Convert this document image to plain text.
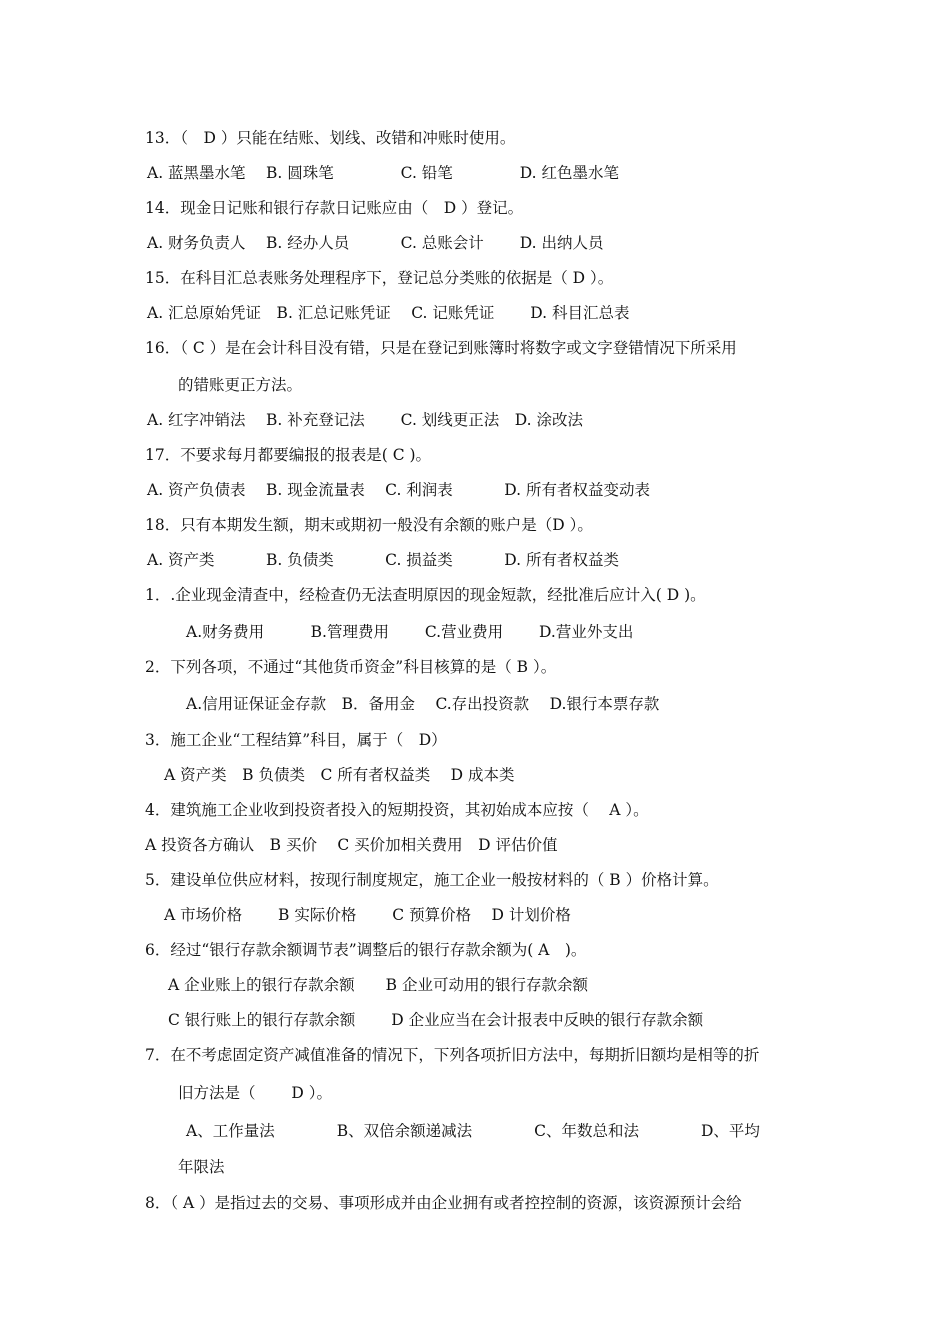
13．（　D ）只能在结账、划线、改错和冲账时使用。

A. 蓝黑墨水笔　 B. 圆珠笔　　　　 C. 铅笔　　　　 D. 红色墨水笔

14．现金日记账和银行存款日记账应由（　D ）登记。

A. 财务负责人　 B. 经办人员　　　 C. 总账会计　　 D. 出纳人员

15．在科目汇总表账务处理程序下，登记总分类账的依据是（ D ）。

A. 汇总原始凭证　B. 汇总记账凭证　 C. 记账凭证　　 D. 科目汇总表

16．（ C ）是在会计科目没有错，只是在登记到账簿时将数字或文字登错情况下所采用

的错账更正方法。

A. 红字冲销法　 B. 补充登记法　　 C. 划线更正法　D. 涂改法

17．不要求每月都要编报的报表是( C )。

A. 资产负债表　 B. 现金流量表　 C. 利润表　　　 D. 所有者权益变动表

18．只有本期发生额，期末或期初一般没有余额的账户是（D ）。

A. 资产类　　　 B. 负债类　　　 C. 损益类　　　 D. 所有者权益类

1．.企业现金清查中，经检查仍无法查明原因的现金短款，经批准后应计入( D )。

A.财务费用　　　B.管理费用　　 C.营业费用　　 D.营业外支出

2．下列各项，不通过“其他货币资金”科目核算的是（ B ）。

A.信用证保证金存款　B．备用金　 C.存出投资款　 D.银行本票存款

3．施工企业“工程结算”科目，属于（　D）

A 资产类　B 负债类　C 所有者权益类　 D 成本类

4．建筑施工企业收到投资者投入的短期投资，其初始成本应按（　 A ）。

A 投资各方确认　B 买价　 C 买价加相关费用　D 评估价值

5．建设单位供应材料，按现行制度规定，施工企业一般按材料的（ B ）价格计算。

A 市场价格　　 B 实际价格　　 C 预算价格　 D 计划价格

6．经过“银行存款余额调节表”调整后的银行存款余额为( A　)。

A 企业账上的银行存款余额　　B 企业可动用的银行存款余额

C 银行账上的银行存款余额　　 D 企业应当在会计报表中反映的银行存款余额

7．在不考虑固定资产减值准备的情况下，下列各项折旧方法中，每期折旧额均是相等的折

旧方法是（　　 D ）。

A、工作量法　　　　B、双倍余额递减法　　　　C、年数总和法　　　　D、平均

年限法

8．（ A ）是指过去的交易、事项形成并由企业拥有或者控控制的资源，该资源预计会给
